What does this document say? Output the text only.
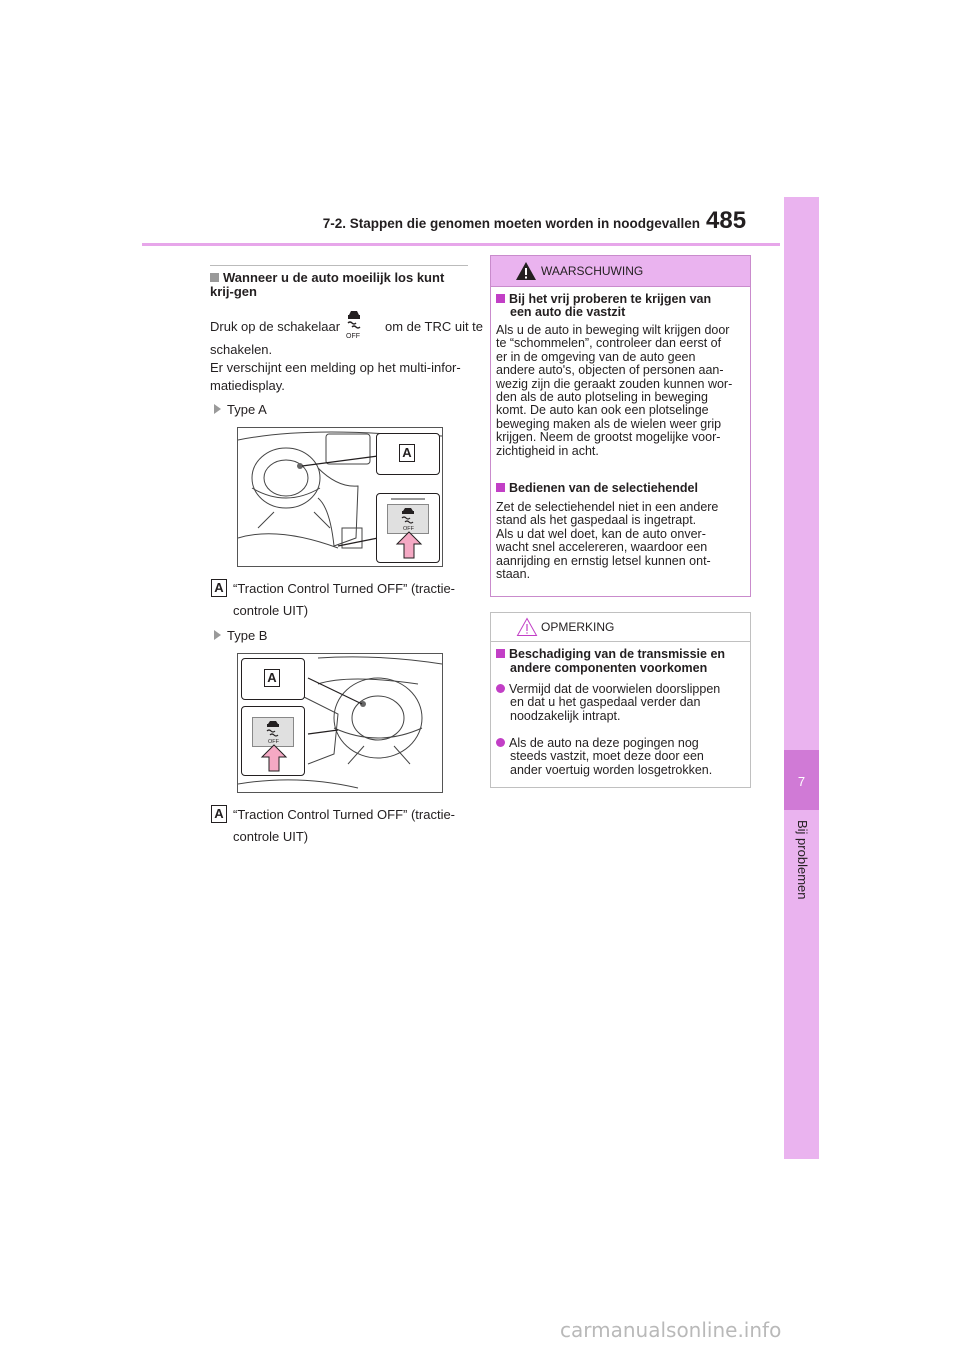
7-2. Stappen die genomen moeten worden in noodgevallen 485
7
Bij problemen
Wanneer u de auto moeilijk los kunt krij-gen
Druk op de schakelaar
OFF
om de TRC uit te
schakelen.
Er verschijnt een melding op het multi-infor-
matiedisplay.
Type A
A
OFF
A “Traction Control Turned OFF” (tractie-
controle UIT)
Type B
A
OFF
A “Traction Control Turned OFF” (tractie-
controle UIT)
WAARSCHUWING
Bij het vrij proberen te krijgen van
een auto die vastzit
Als u de auto in beweging wilt krijgen door
te “schommelen”, controleer dan eerst of
er in de omgeving van de auto geen
andere auto's, objecten of personen aan-
wezig zijn die geraakt zouden kunnen wor-
den als de auto plotseling in beweging
komt. De auto kan ook een plotselinge
beweging maken als de wielen weer grip
krijgen. Neem de grootst mogelijke voor-
zichtigheid in acht.
Bedienen van de selectiehendel
Zet de selectiehendel niet in een andere
stand als het gaspedaal is ingetrapt.
Als u dat wel doet, kan de auto onver-
wacht snel accelereren, waardoor een
aanrijding en ernstig letsel kunnen ont-
staan.
OPMERKING
Beschadiging van de transmissie en
andere componenten voorkomen
Vermijd dat de voorwielen doorslippen
en dat u het gaspedaal verder dan
noodzakelijk intrapt.
Als de auto na deze pogingen nog
steeds vastzit, moet deze door een
ander voertuig worden losgetrokken.
carmanualsonline.info
